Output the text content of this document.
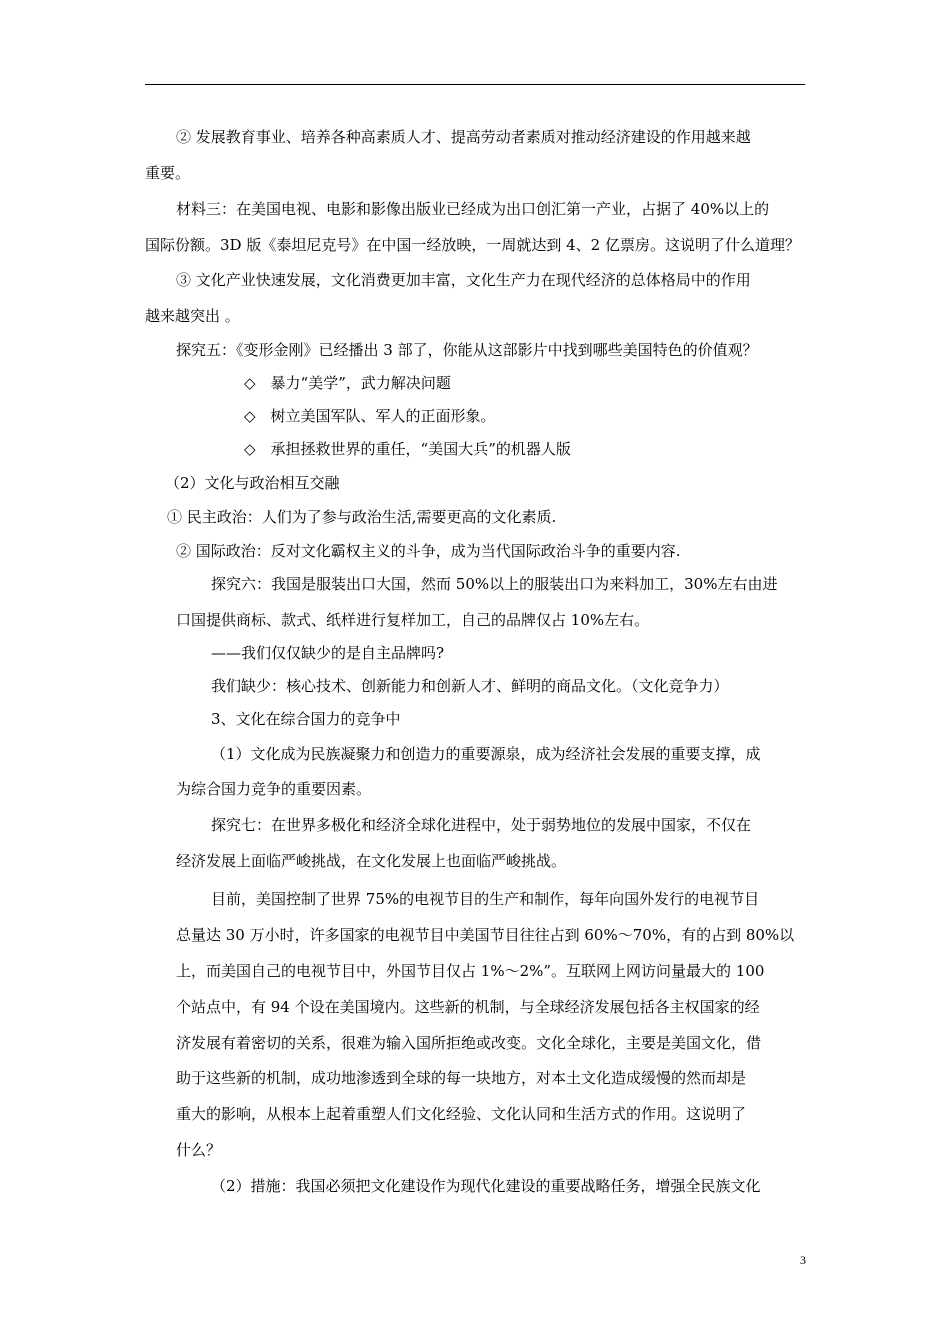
② 发展教育事业、培养各种高素质人才、提高劳动者素质对推动经济建设的作用越来越
重要。
材料三：在美国电视、电影和影像出版业已经成为出口创汇第一产业，占据了 40%以上的
国际份额。3D 版《泰坦尼克号》在中国一经放映，一周就达到 4、2 亿票房。这说明了什么道理？
③ 文化产业快速发展，文化消费更加丰富，文化生产力在现代经济的总体格局中的作用
越来越突出 。
探究五：《变形金刚》已经播出 3 部了，你能从这部影片中找到哪些美国特色的价值观？
◇　暴力“美学”，武力解决问题
◇　树立美国军队、军人的正面形象。
◇　承担拯救世界的重任，“美国大兵”的机器人版
（2）文化与政治相互交融
① 民主政治：人们为了参与政治生活,需要更高的文化素质.
② 国际政治：反对文化霸权主义的斗争，成为当代国际政治斗争的重要内容.
探究六：我国是服装出口大国，然而 50%以上的服装出口为来料加工，30%左右由进
口国提供商标、款式、纸样进行复样加工，自己的品牌仅占 10%左右。
——我们仅仅缺少的是自主品牌吗?
我们缺少：核心技术、创新能力和创新人才、鲜明的商品文化。（文化竞争力）
3、文化在综合国力的竞争中
（1）文化成为民族凝聚力和创造力的重要源泉，成为经济社会发展的重要支撑，成
为综合国力竞争的重要因素。
探究七：在世界多极化和经济全球化进程中，处于弱势地位的发展中国家，不仅在
经济发展上面临严峻挑战，在文化发展上也面临严峻挑战。
目前，美国控制了世界 75%的电视节目的生产和制作，每年向国外发行的电视节目
总量达 30 万小时，许多国家的电视节目中美国节目往往占到 60%～70%，有的占到 80%以
上，而美国自己的电视节目中，外国节目仅占 1%～2%”。互联网上网访问量最大的 100
个站点中，有 94 个设在美国境内。这些新的机制，与全球经济发展包括各主权国家的经
济发展有着密切的关系，很难为输入国所拒绝或改变。文化全球化，主要是美国文化，借
助于这些新的机制，成功地渗透到全球的每一块地方，对本土文化造成缓慢的然而却是
重大的影响，从根本上起着重塑人们文化经验、文化认同和生活方式的作用。这说明了
什么？
（2）措施：我国必须把文化建设作为现代化建设的重要战略任务，增强全民族文化
3
